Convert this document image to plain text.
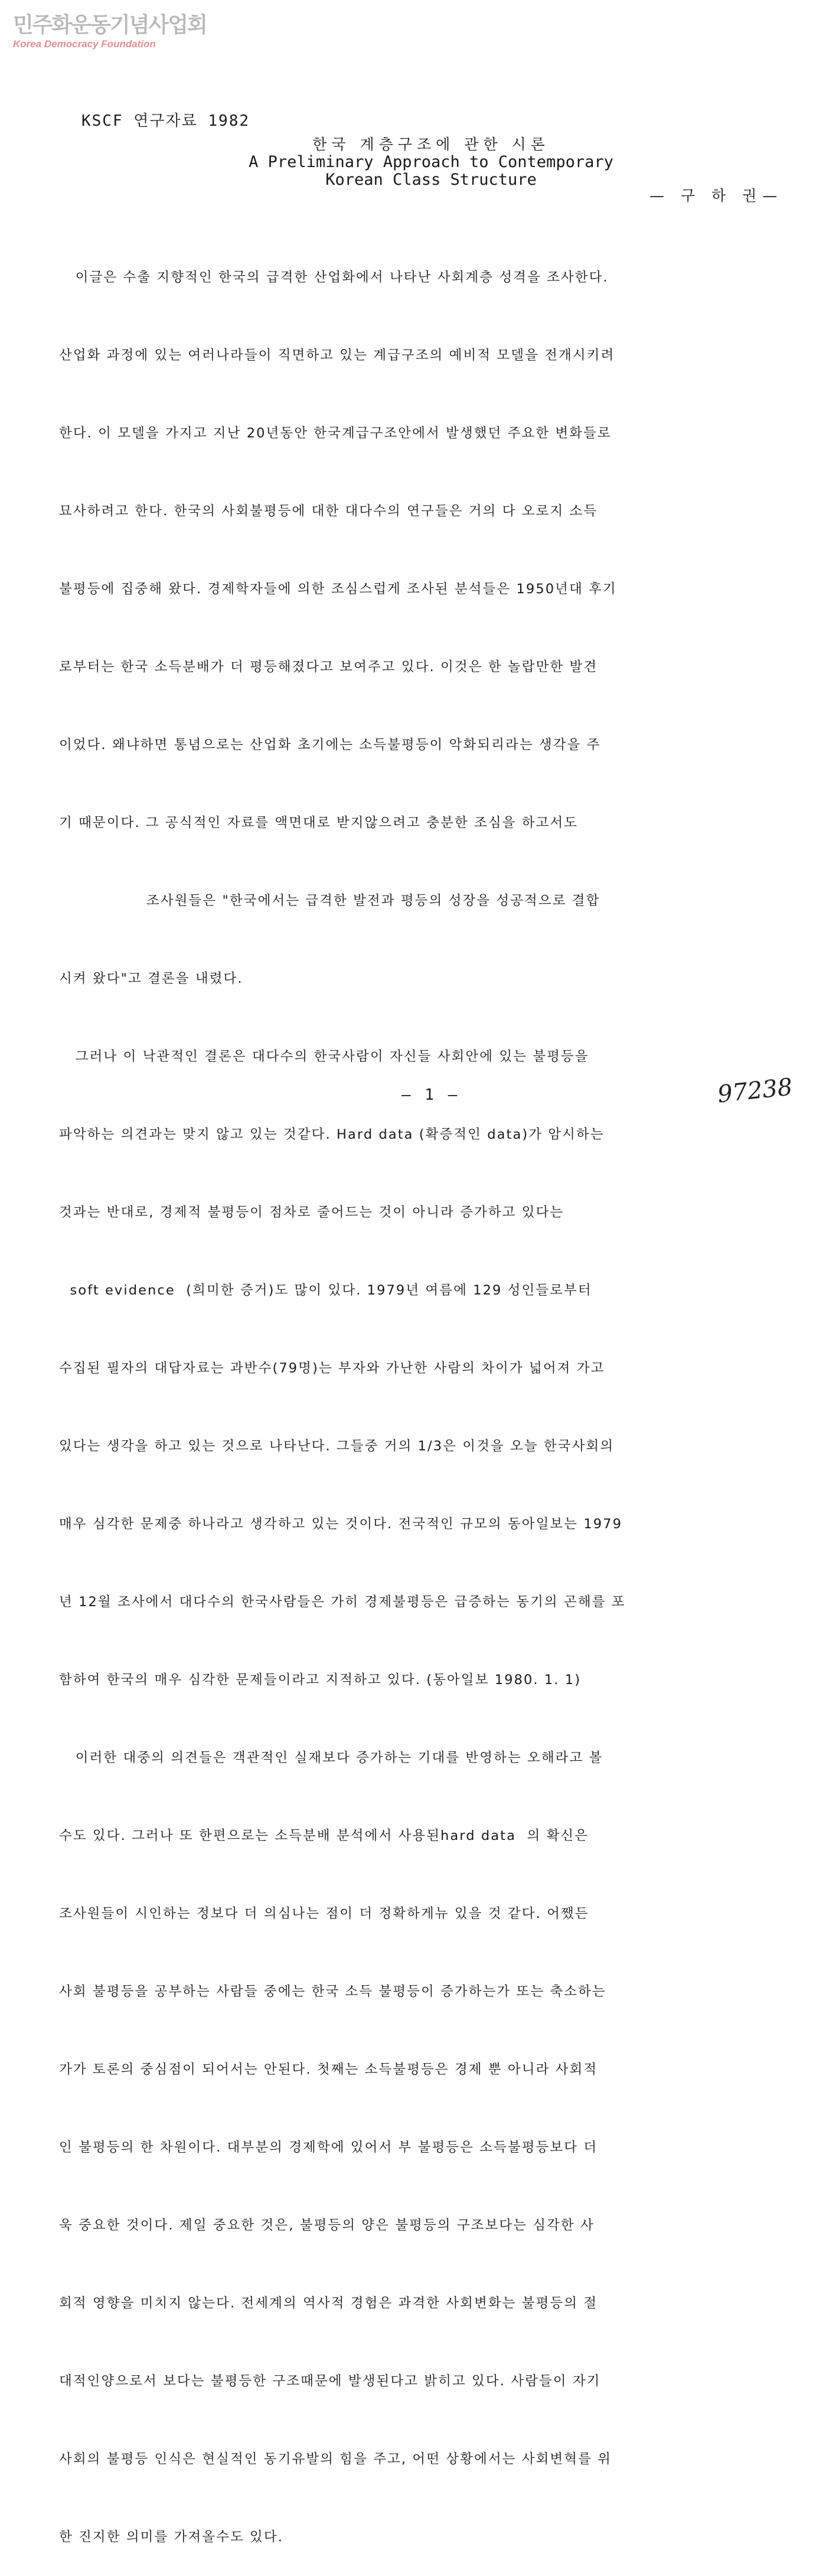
민주화운동기념사업회
Korea Democracy Foundation
KSCF 연구자료 1982
한국 계층구조에 관한 시론
A Preliminary Approach to Contemporary
Korean Class Structure
— 구 하 권—

이글은 수출 지향적인 한국의 급격한 산업화에서 나타난 사회계층 성격을 조사한다.

산업화 과정에 있는 여러나라들이 직면하고 있는 계급구조의 예비적 모델을 전개시키려

한다. 이 모델을 가지고 지난 20년동안 한국계급구조안에서 발생했던 주요한 변화들로

묘사하려고 한다. 한국의 사회불평등에 대한 대다수의 연구들은 거의 다 오로지 소득

불평등에 집중해 왔다. 경제학자들에 의한 조심스럽게 조사된 분석들은 1950년대 후기

로부터는 한국 소득분배가 더 평등해졌다고 보여주고 있다. 이것은 한 놀랍만한 발견

이었다. 왜냐하면 통념으로는 산업화 초기에는 소득불평등이 악화되리라는 생각을 주

기 때문이다. 그 공식적인 자료를 액면대로 받지않으려고 충분한 조심을 하고서도

조사원들은 "한국에서는 급격한 발전과 평등의 성장을 성공적으로 결합

시켜 왔다"고 결론을 내렸다.

그러나 이 낙관적인 결론은 대다수의 한국사람이 자신들 사회안에 있는 불평등을

파악하는 의견과는 맞지 않고 있는 것같다. Hard data (확증적인 data)가 암시하는

것과는 반대로, 경제적 불평등이 점차로 줄어드는 것이 아니라 증가하고 있다는

soft evidence  (희미한 증거)도 많이 있다. 1979년 여름에 129 성인들로부터

수집된 필자의 대답자료는 과반수(79명)는 부자와 가난한 사람의 차이가 넓어져 가고

있다는 생각을 하고 있는 것으로 나타난다. 그들중 거의 1/3은 이것을 오늘 한국사회의

매우 심각한 문제중 하나라고 생각하고 있는 것이다. 전국적인 규모의 동아일보는 1979

년 12월 조사에서 대다수의 한국사람들은 가히 경제불평등은 급증하는 동기의 곤해를 포

함하여 한국의 매우 심각한 문제들이라고 지적하고 있다. (동아일보 1980. 1. 1)

이러한 대중의 의견들은 객관적인 실재보다 증가하는 기대를 반영하는 오해라고 볼

수도 있다. 그러나 또 한편으로는 소득분배 분석에서 사용된hard data  의 확신은

조사원들이 시인하는 정보다 더 의심나는 점이 더 정확하게뉴 있을 것 같다. 어쨌든

사회 불평등을 공부하는 사람들 중에는 한국 소득 불평등이 증가하는가 또는 축소하는

가가 토론의 중심점이 되어서는 안된다. 첫째는 소득불평등은 경제 뿐 아니라 사회적

인 불평등의 한 차원이다. 대부분의 경제학에 있어서 부 불평등은 소득불평등보다 더

욱 중요한 것이다. 제일 중요한 것은, 불평등의 양은 불평등의 구조보다는 심각한 사

회적 영향을 미치지 않는다. 전세계의 역사적 경험은 과격한 사회변화는 불평등의 절

대적인양으로서 보다는 불평등한 구조때문에 발생된다고 밝히고 있다. 사람들이 자기

사회의 불평등 인식은 현실적인 동기유발의 힘을 주고, 어떤 상황에서는 사회변혁를 위

한 진지한 의미를 가져올수도 있다.

— 1 —	97238
